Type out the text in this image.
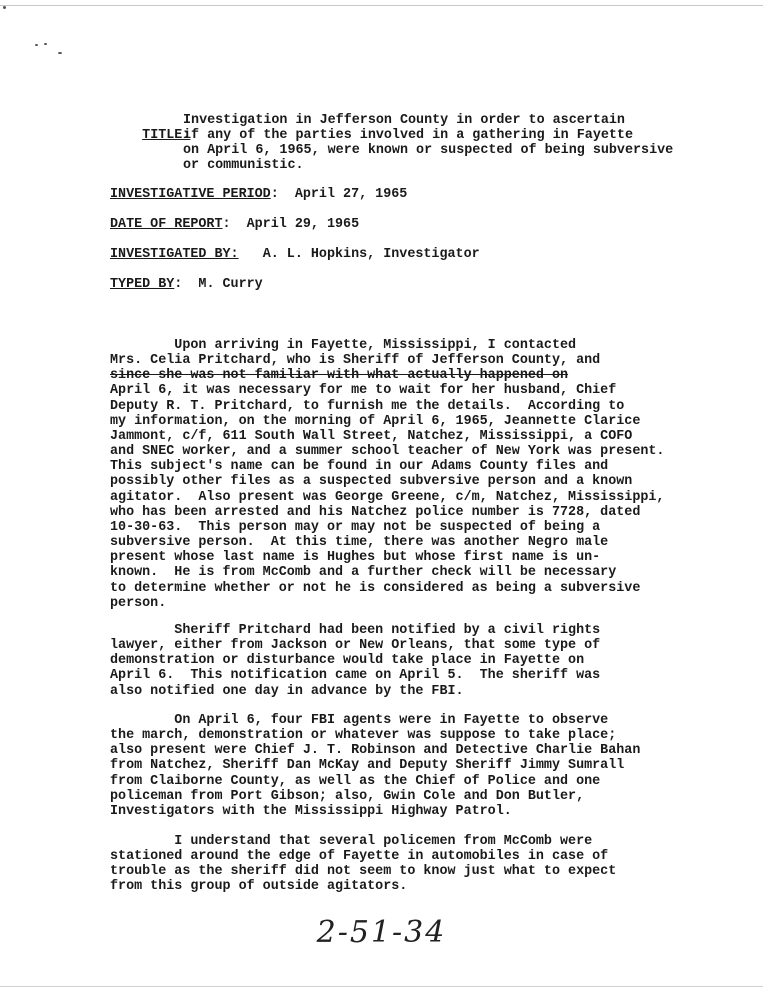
TITLE:

Investigation in Jefferson County in order to ascertain
if any of the parties involved in a gathering in Fayette
on April 6, 1965, were known or suspected of being subversive
or communistic.
INVESTIGATIVE PERIOD:  April 27, 1965
DATE OF REPORT:  April 29, 1965
INVESTIGATED BY: A. L. Hopkins, Investigator
TYPED BY:  M. Curry
Upon arriving in Fayette, Mississippi, I contacted
Mrs. Celia Pritchard, who is Sheriff of Jefferson County, and
since she was not familiar with what actually happened on
April 6, it was necessary for me to wait for her husband, Chief
Deputy R. T. Pritchard, to furnish me the details.  According to
my information, on the morning of April 6, 1965, Jeannette Clarice
Jammont, c/f, 611 South Wall Street, Natchez, Mississippi, a COFO
and SNEC worker, and a summer school teacher of New York was present.
This subject's name can be found in our Adams County files and
possibly other files as a suspected subversive person and a known
agitator.  Also present was George Greene, c/m, Natchez, Mississippi,
who has been arrested and his Natchez police number is 7728, dated
10-30-63.  This person may or may not be suspected of being a
subversive person.  At this time, there was another Negro male
present whose last name is Hughes but whose first name is un-
known.  He is from McComb and a further check will be necessary
to determine whether or not he is considered as being a subversive
person.
Sheriff Pritchard had been notified by a civil rights
lawyer, either from Jackson or New Orleans, that some type of
demonstration or disturbance would take place in Fayette on
April 6.  This notification came on April 5.  The sheriff was
also notified one day in advance by the FBI.
On April 6, four FBI agents were in Fayette to observe
the march, demonstration or whatever was suppose to take place;
also present were Chief J. T. Robinson and Detective Charlie Bahan
from Natchez, Sheriff Dan McKay and Deputy Sheriff Jimmy Sumrall
from Claiborne County, as well as the Chief of Police and one
policeman from Port Gibson; also, Gwin Cole and Don Butler,
Investigators with the Mississippi Highway Patrol.
I understand that several policemen from McComb were
stationed around the edge of Fayette in automobiles in case of
trouble as the sheriff did not seem to know just what to expect
from this group of outside agitators.
2-51-34
